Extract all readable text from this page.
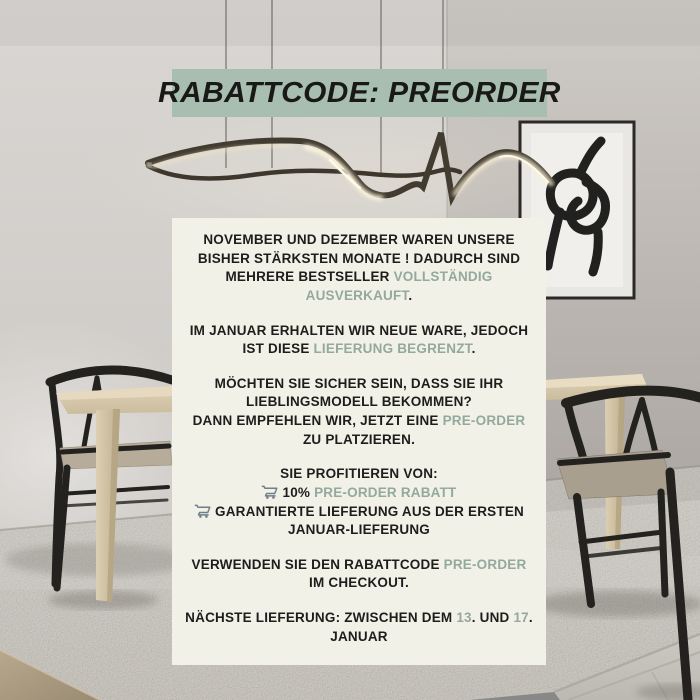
RABATTCODE: PREORDER
NOVEMBER UND DEZEMBER WAREN UNSERE BISHER STÄRKSTEN MONATE ! DADURCH SIND MEHRERE BESTSELLER VOLLSTÄNDIG AUSVERKAUFT.
IM JANUAR ERHALTEN WIR NEUE WARE, JEDOCH IST DIESE LIEFERUNG BEGRENZT.
MÖCHTEN SIE SICHER SEIN, DASS SIE IHR LIEBLINGSMODELL BEKOMMEN?
DANN EMPFEHLEN WIR, JETZT EINE PRE-ORDER ZU PLATZIEREN.
SIE PROFITIEREN VON:
10% PRE-ORDER RABATT
GARANTIERTE LIEFERUNG AUS DER ERSTEN JANUAR-LIEFERUNG
VERWENDEN SIE DEN RABATTCODE PRE-ORDER IM CHECKOUT.
NÄCHSTE LIEFERUNG: ZWISCHEN DEM 13. UND 17. JANUAR
